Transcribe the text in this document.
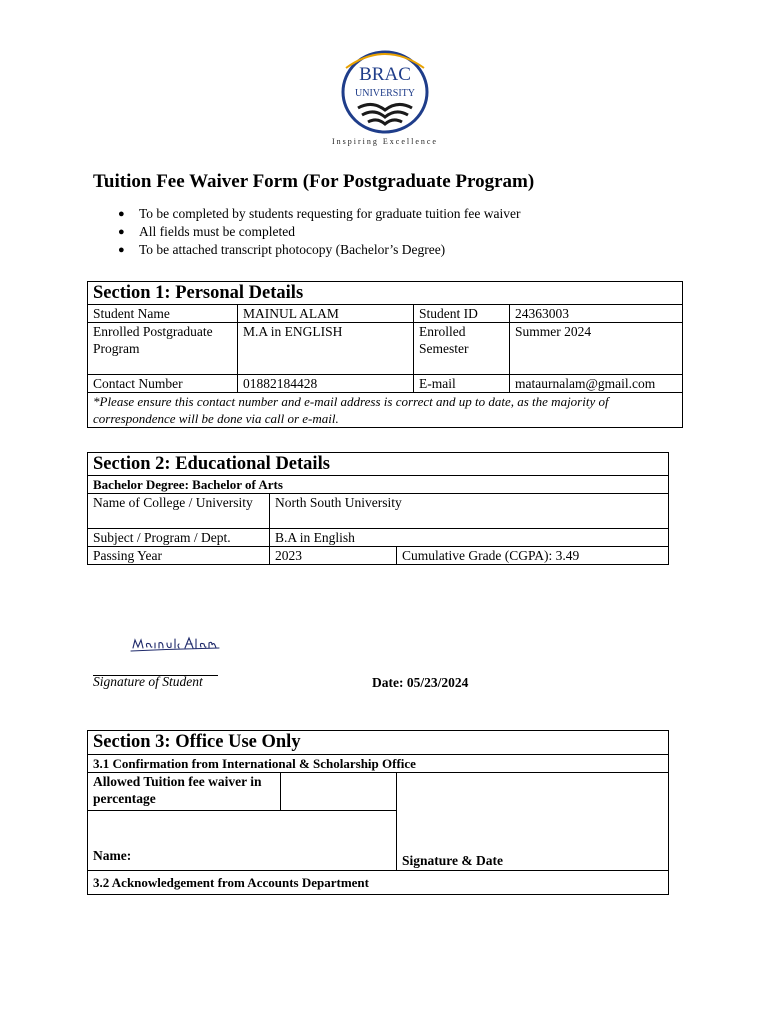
BRAC
UNIVERSITY
Inspiring Excellence
Tuition Fee Waiver Form (For Postgraduate Program)
● To be completed by students requesting for graduate tuition fee waiver
● All fields must be completed
● To be attached transcript photocopy (Bachelor’s Degree)
Section 1: Personal Details			
Student Name	MAINUL ALAM	Student ID	24363003
Enrolled Postgraduate Program	M.A in ENGLISH	Enrolled Semester	Summer 2024
Contact Number	01882184428	E-mail	mataurnalam@gmail.com
*Please ensure this contact number and e-mail address is correct and up to date, as the majority of correspondence will be done via call or e-mail.			
Section 2: Educational Details		
Bachelor Degree: Bachelor of Arts		
Name of College / University	North South University	
Subject / Program / Dept.	B.A in English	
Passing Year	2023	Cumulative Grade (CGPA): 3.49
Signature of Student	Date: 05/23/2024
Section 3: Office Use Only
3.1 Confirmation from International & Scholarship Office
Allowed Tuition fee waiver in percentage		Signature & Date
Name:
3.2 Acknowledgement from Accounts Department
